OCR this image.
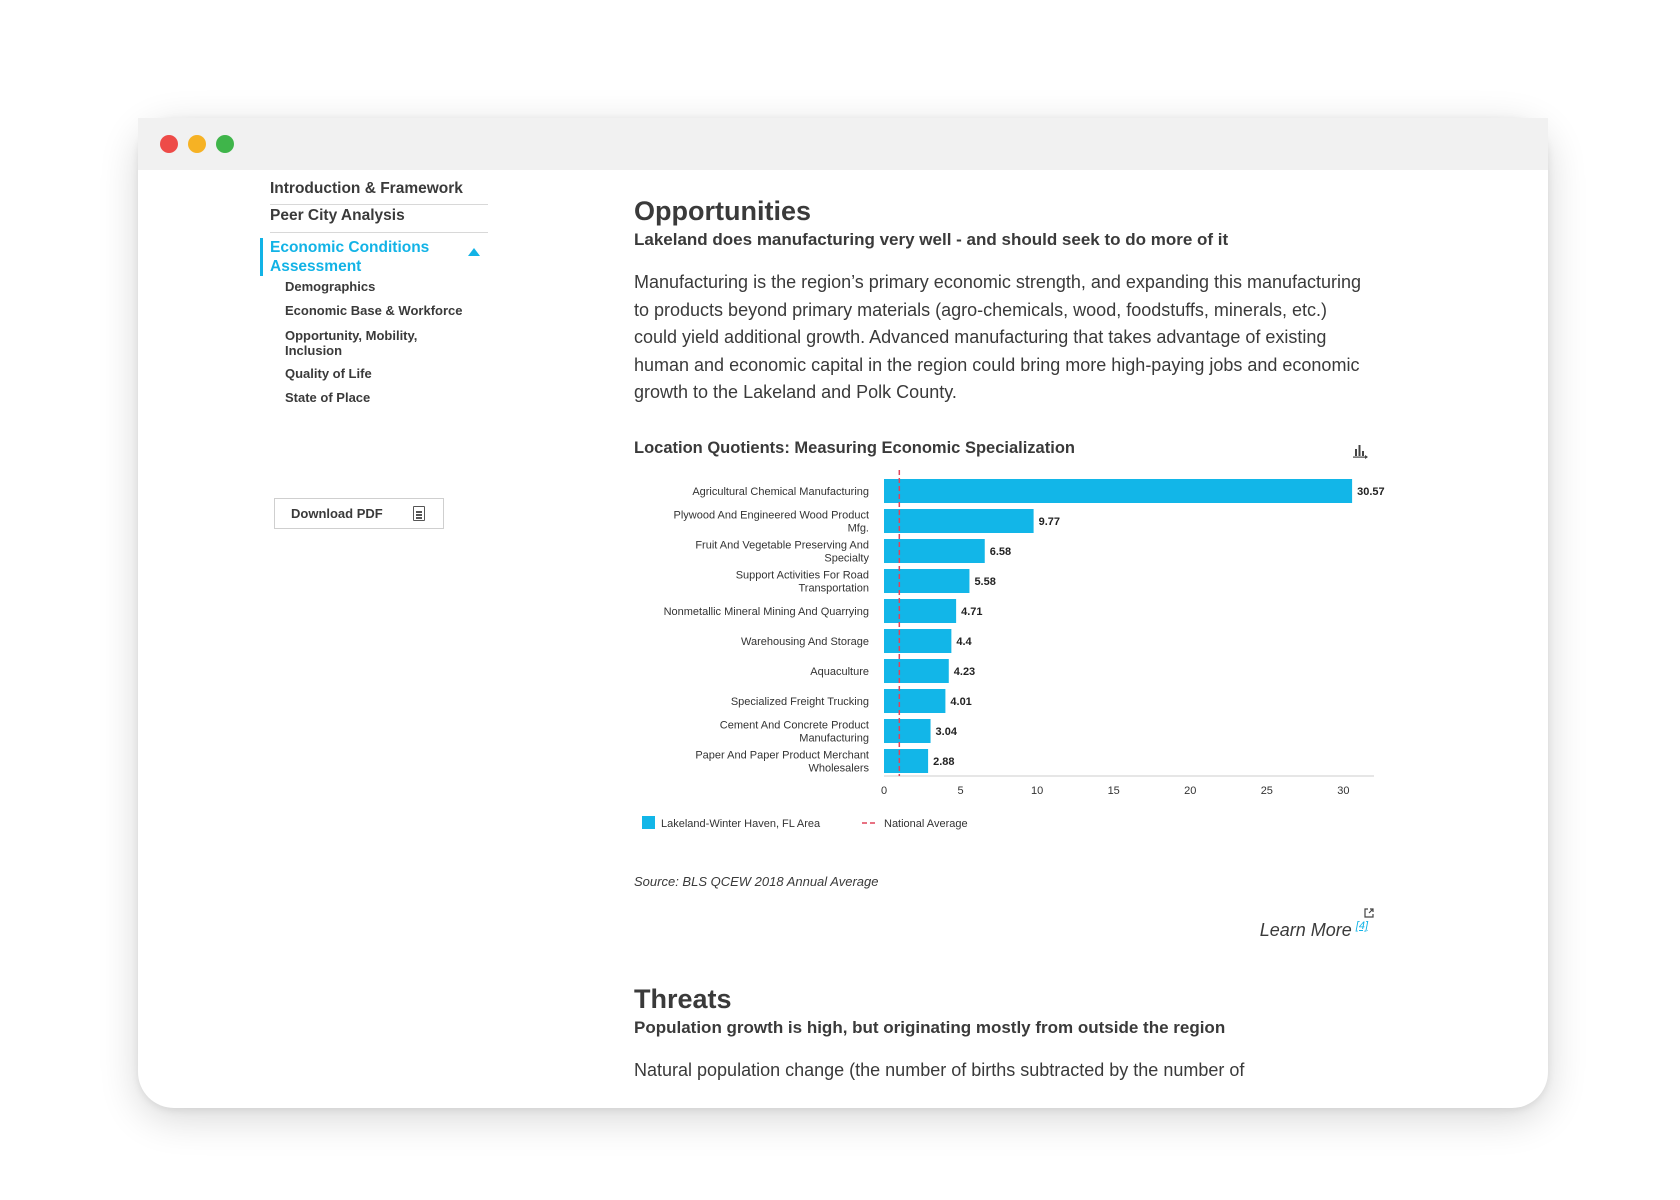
Introduction & Framework
Peer City Analysis
Economic Conditions Assessment
Demographics
Economic Base & Workforce
Opportunity, Mobility, Inclusion
Quality of Life
State of Place
Download PDF
Opportunities
Lakeland does manufacturing very well - and should seek to do more of it
Manufacturing is the region’s primary economic strength, and expanding this manufacturing to products beyond primary materials (agro-chemicals, wood, foodstuffs, minerals, etc.) could yield additional growth. Advanced manufacturing that takes advantage of existing human and economic capital in the region could bring more high-paying jobs and economic growth to the Lakeland and Polk County.
Location Quotients: Measuring Economic Specialization
30.57
Agricultural Chemical Manufacturing
9.77
Plywood And Engineered Wood Product
Mfg.
6.58
Fruit And Vegetable Preserving And
Specialty
5.58
Support Activities For Road
Transportation
4.71
Nonmetallic Mineral Mining And Quarrying
4.4
Warehousing And Storage
4.23
Aquaculture
4.01
Specialized Freight Trucking
3.04
Cement And Concrete Product
Manufacturing
2.88
Paper And Paper Product Merchant
Wholesalers
0	5	10	15	20	25	30
Lakeland-Winter Haven, FL Area	National Average
Source: BLS QCEW 2018 Annual Average
Learn More [4]
Threats
Population growth is high, but originating mostly from outside the region
Natural population change (the number of births subtracted by the number of
